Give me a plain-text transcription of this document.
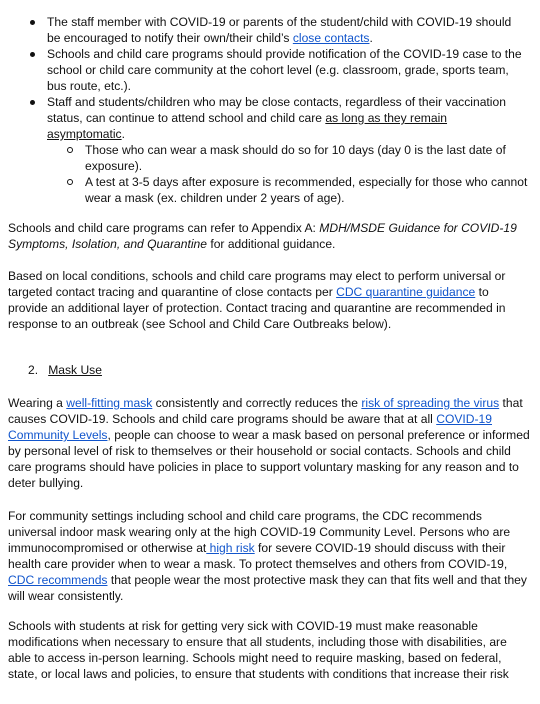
The staff member with COVID-19 or parents of the student/child with COVID-19 should be encouraged to notify their own/their child’s close contacts.
Schools and child care programs should provide notification of the COVID-19 case to the school or child care community at the cohort level (e.g. classroom, grade, sports team, bus route, etc.).
Staff and students/children who may be close contacts, regardless of their vaccination status, can continue to attend school and child care as long as they remain asymptomatic.
Those who can wear a mask should do so for 10 days (day 0 is the last date of exposure).
A test at 3-5 days after exposure is recommended, especially for those who cannot wear a mask (ex. children under 2 years of age).

Schools and child care programs can refer to Appendix A: MDH/MSDE Guidance for COVID-19 Symptoms, Isolation, and Quarantine for additional guidance.

Based on local conditions, schools and child care programs may elect to perform universal or targeted contact tracing and quarantine of close contacts per CDC quarantine guidance to provide an additional layer of protection. Contact tracing and quarantine are recommended in response to an outbreak (see School and Child Care Outbreaks below).

2. Mask Use

Wearing a well-fitting mask consistently and correctly reduces the risk of spreading the virus that causes COVID-19. Schools and child care programs should be aware that at all COVID-19 Community Levels, people can choose to wear a mask based on personal preference or informed by personal level of risk to themselves or their household or social contacts. Schools and child care programs should have policies in place to support voluntary masking for any reason and to deter bullying.

For community settings including school and child care programs, the CDC recommends universal indoor mask wearing only at the high COVID-19 Community Level. Persons who are immunocompromised or otherwise at high risk for severe COVID-19 should discuss with their health care provider when to wear a mask. To protect themselves and others from COVID-19, CDC recommends that people wear the most protective mask they can that fits well and that they will wear consistently.

Schools with students at risk for getting very sick with COVID-19 must make reasonable modifications when necessary to ensure that all students, including those with disabilities, are able to access in-person learning. Schools might need to require masking, based on federal, state, or local laws and policies, to ensure that students with conditions that increase their risk
